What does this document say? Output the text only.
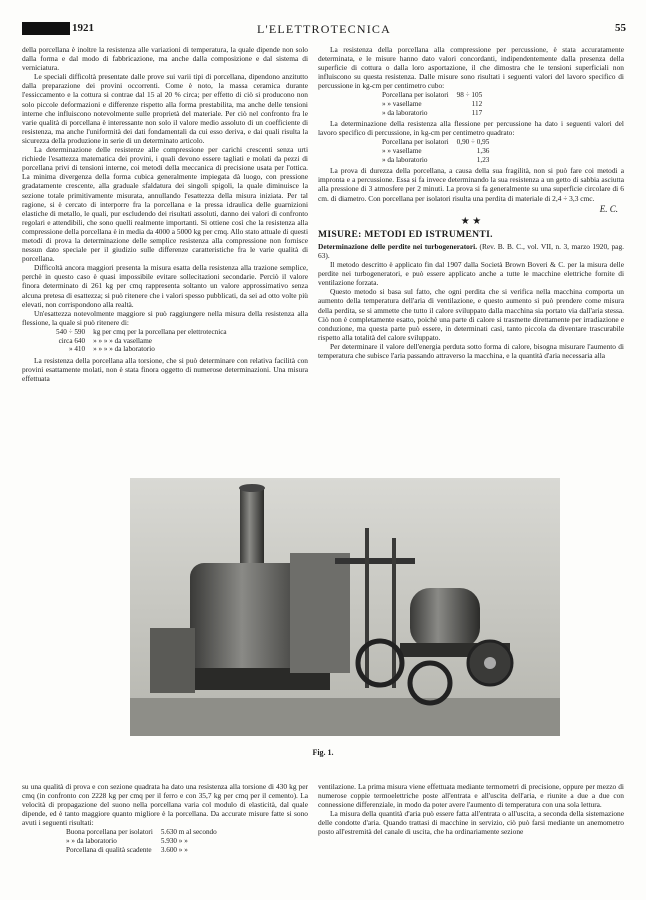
1921	L'ELETTROTECNICA	55

della porcellana è inoltre la resistenza alle variazioni di temperatura, la quale dipende non solo dalla forma e dal modo di fabbricazione, ma anche dalla composizione e dal sistema di verniciatura.

Le speciali difficoltà presentate dalle prove sui varii tipi di porcellana, dipendono anzitutto dalla preparazione dei provini occorrenti. Come è noto, la massa ceramica durante l'essiccamento e la cottura si contrae dal 15 al 20 % circa; per effetto di ciò si producono non solo piccole deformazioni e differenze rispetto alla forma prestabilita, ma anche delle tensioni interne che influiscono notevolmente sulle proprietà del materiale. Per ciò nel confronto fra le varie qualità di porcellana è interessante non solo il valore medio assoluto di un coefficiente di resistenza, ma anche l'uniformità dei dati fondamentali da cui esso deriva, e dai quali risulta la sicurezza della produzione in serie di un determinato articolo.

La determinazione delle resistenze alle compressione per carichi crescenti senza urti richiede l'esattezza matematica dei provini, i quali devono essere tagliati e molati da pezzi di porcellana privi di tensioni interne, coi metodi della meccanica di precisione usata per l'ottica. La minima divergenza della forma cubica generalmente impiegata dà luogo, con pressione gradatamente crescente, alla graduale sfaldatura dei singoli spigoli, la quale diminuisce la sezione totale primitivamente misurata, annullando l'esattezza della misura iniziata. Per tal ragione, si è cercato di interporre fra la porcellana e la pressa idraulica delle guarnizioni elastiche di metallo, le quali, pur escludendo dei risultati assoluti, danno dei valori di confronto regolari e attendibili, che sono quelli realmente importanti. Si ottiene così che la resistenza alla compressione della porcellana è in media da 4000 a 5000 kg per cmq. Allo stato attuale di questi metodi di prova la determinazione delle semplice resistenza alla compressione non fornisce nessun dato speciale per il giudizio sulle differenze caratteristiche fra le varie qualità di porcellana.

Difficoltà ancora maggiori presenta la misura esatta della resistenza alla trazione semplice, perchè in questo caso è quasi impossibile evitare sollecitazioni secondarie. Perciò il valore finora determinato di 261 kg per cmq rappresenta soltanto un valore approssimativo senza alcuna pretesa di esattezza; si può ritenere che i valori spesso pubblicati, da sei ad otto volte più elevati, non corrispondono alla realtà.

Un'esattezza notevolmente maggiore si può raggiungere nella misura della resistenza alla flessione, la quale si può ritenere di:

540 ÷ 590	kg per cmq per la porcellana per elettrotecnica
circa 640	» » » » da vasellame
» 410	» » » » da laboratorio

La resistenza della porcellana alla torsione, che si può determinare con relativa facilità con provini esattamente molati, non è stata finora oggetto di numerose determinazioni. Una misura effettuata

La resistenza della porcellana alla compressione per percussione, è stata accuratamente determinata, e le misure hanno dato valori concordanti, indipendentemente dalla presenza della superficie di cottura o dalla loro asportazione, il che dimostra che le tensioni superficiali non influiscono su questa resistenza. Dalle misure sono risultati i seguenti valori del lavoro specifico di percussione in kg-cm per centimetro cubo:

Porcellana per isolatori	98 ÷ 105
» » vasellame	112
» da laboratorio	117

La determinazione della resistenza alla flessione per percussione ha dato i seguenti valori del lavoro specifico di percussione, in kg-cm per centimetro quadrato:

Porcellana per isolatori	0,90 ÷ 0,95
» » vasellame	1,36
» da laboratorio	1,23

La prova di durezza della porcellana, a causa della sua fragilità, non si può fare coi metodi a impronta e a percussione. Essa si fa invece determinando la sua resistenza a un getto di sabbia asciutta alla pressione di 3 atmosfere per 2 minuti. La prova si fa generalmente su una superficie circolare di 6 cm. di diametro. Con porcellana per isolatori risulta una perdita di materiale di 2,4 ÷ 3,3 cmc.

E. C.
★ ★
MISURE: METODI ED ISTRUMENTI.

Determinazione delle perdite nei turbogeneratori. (Rev. B. B. C., vol. VII, n. 3, marzo 1920, pag. 63).

Il metodo descritto è applicato fin dal 1907 dalla Società Brown Boveri & C. per la misura delle perdite nei turbogeneratori, e può essere applicato anche a tutte le macchine elettriche fornite di ventilazione forzata.

Questo metodo si basa sul fatto, che ogni perdita che si verifica nella macchina comporta un aumento della temperatura dell'aria di ventilazione, e questo aumento si può prendere come misura della perdita, se si ammette che tutto il calore sviluppato dalla macchina sia portato via dall'aria stessa. Ciò non è completamente esatto, poichè una parte di calore si trasmette direttamente per irradiazione e conduzione, ma questa parte può essere, in determinati casi, tanto piccola da diventare trascurabile rispetto alla totalità del calore sviluppato.

Per determinare il valore dell'energia perduta sotto forma di calore, bisogna misurare l'aumento di temperatura che subisce l'aria passando attraverso la macchina, e la quantità d'aria necessaria alla

Fig. 1.

su una qualità di prova e con sezione quadrata ha dato una resistenza alla torsione di 430 kg per cmq (in confronto con 2228 kg per cmq per il ferro e con 35,7 kg per cmq per il cemento). La velocità di propagazione del suono nella porcellana varia col modulo di elasticità, dal quale dipende, ed è tanto maggiore quanto migliore è la porcellana. Da accurate misure fatte si sono avuti i seguenti risultati:

Buona porcellana per isolatori	5.630 m al secondo
» » da laboratorio	5.930 » »
Porcellana di qualità scadente	3.600 » »

ventilazione. La prima misura viene effettuata mediante termometri di precisione, oppure per mezzo di numerose coppie termoelettriche poste all'entrata e all'uscita dell'aria, e riunite a due a due con connessione differenziale, in modo da poter avere l'aumento di temperatura con una sola lettura.

La misura della quantità d'aria può essere fatta all'entrata o all'uscita, a seconda della sistemazione delle condotte d'aria. Quando trattasi di macchine in servizio, ciò può farsi mediante un anemometro posto all'estremità del canale di uscita, che ha ordinariamente sezione
